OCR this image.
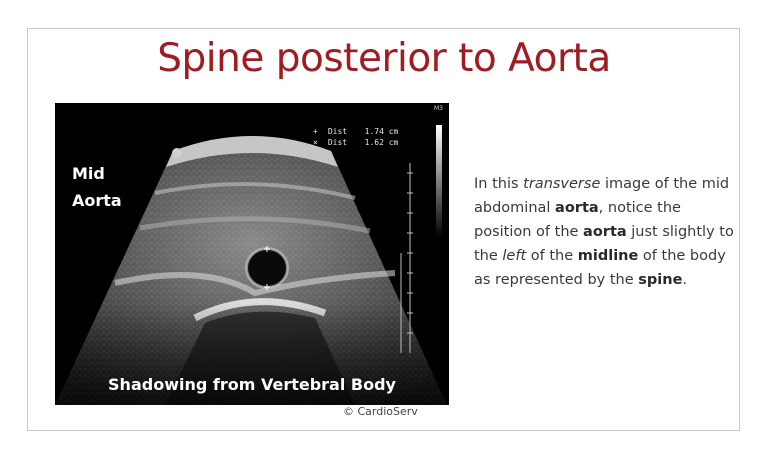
Spine posterior to Aorta
Mid
Aorta
+ Dist 1.74 cm
× Dist 1.62 cm
M3
Shadowing from Vertebral Body
© CardioServ

In this transverse image of the mid abdominal aorta, notice the position of the aorta just slightly to the left of the midline of the body as represented by the spine.
